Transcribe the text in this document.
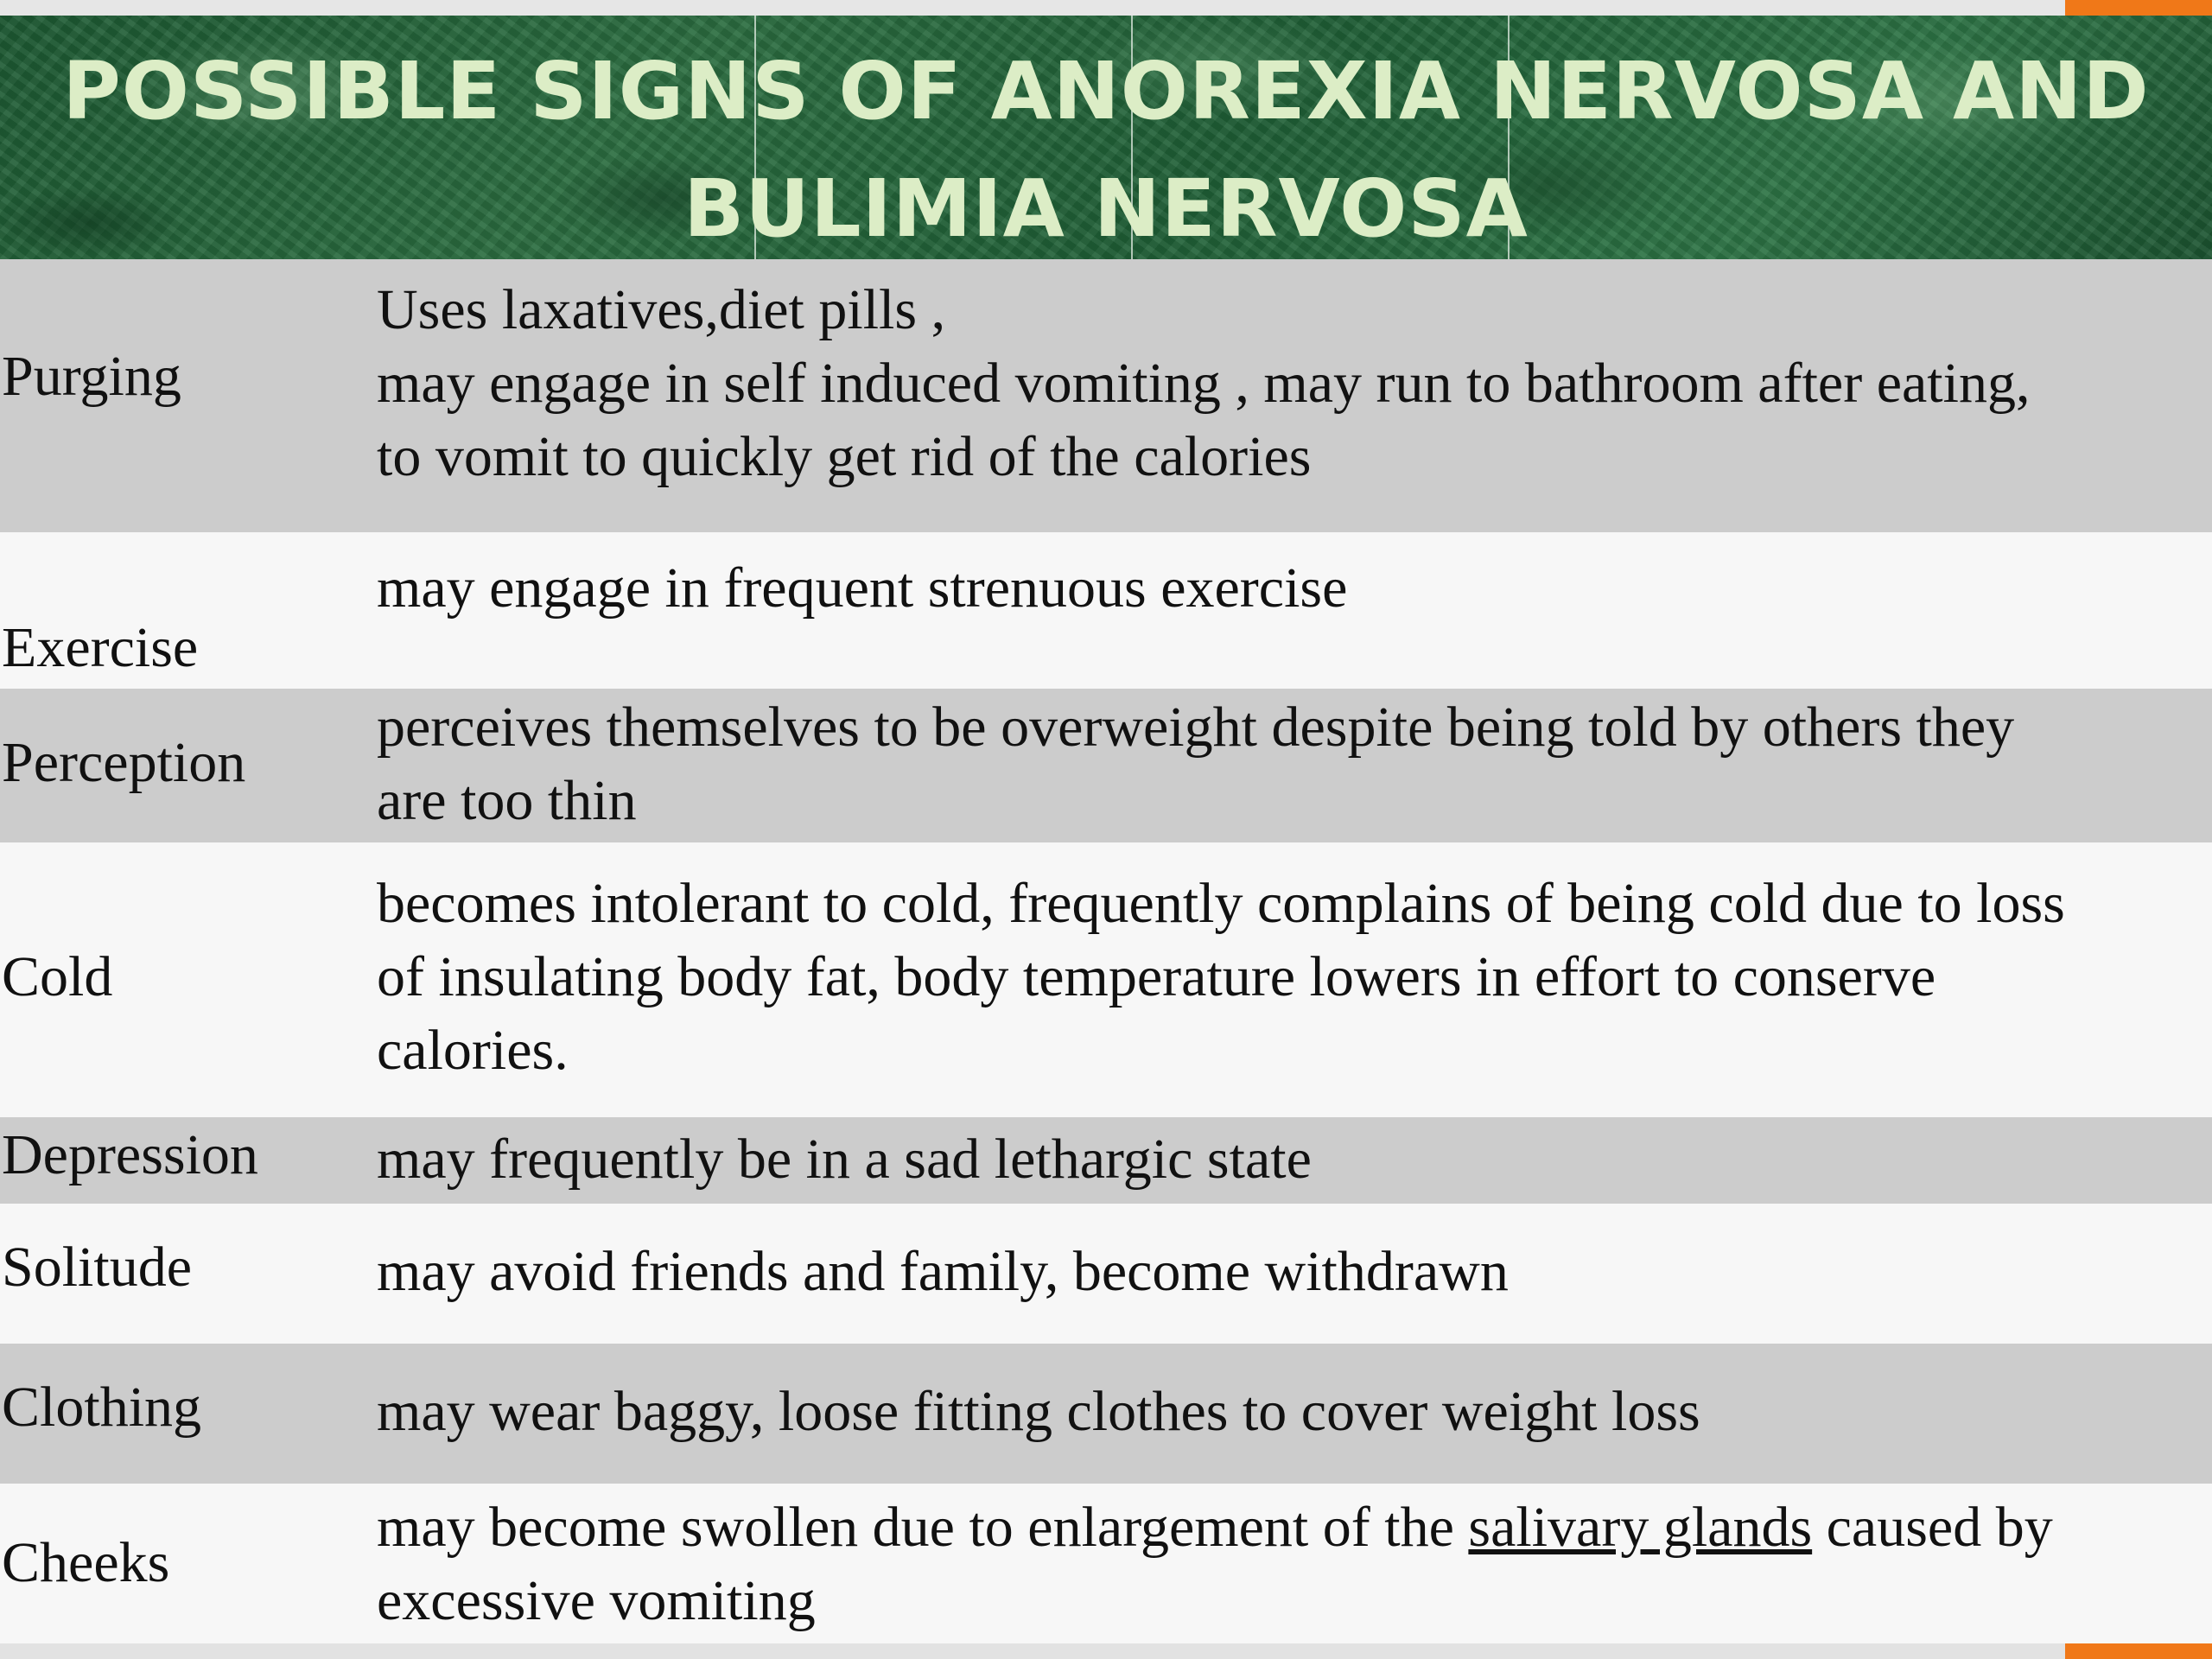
POSSIBLE SIGNS OF ANOREXIA NERVOSA AND
BULIMIA NERVOSA
Purging
Uses laxatives,diet pills ,
may engage in self induced vomiting , may run to bathroom after eating,
to vomit to quickly get rid of the calories
Exercise
may engage in frequent strenuous exercise
Perception
perceives themselves to be overweight despite being told by others they
are too thin
Cold
becomes intolerant to cold, frequently complains of being cold due to loss
of insulating body fat, body temperature lowers in effort to conserve
calories.
Depression may frequently be in a sad lethargic state
Solitude	may avoid friends and family, become withdrawn
Clothing	may wear baggy, loose fitting clothes to cover weight loss
Cheeks
may become swollen due to enlargement of the salivary glands caused by
excessive vomiting
